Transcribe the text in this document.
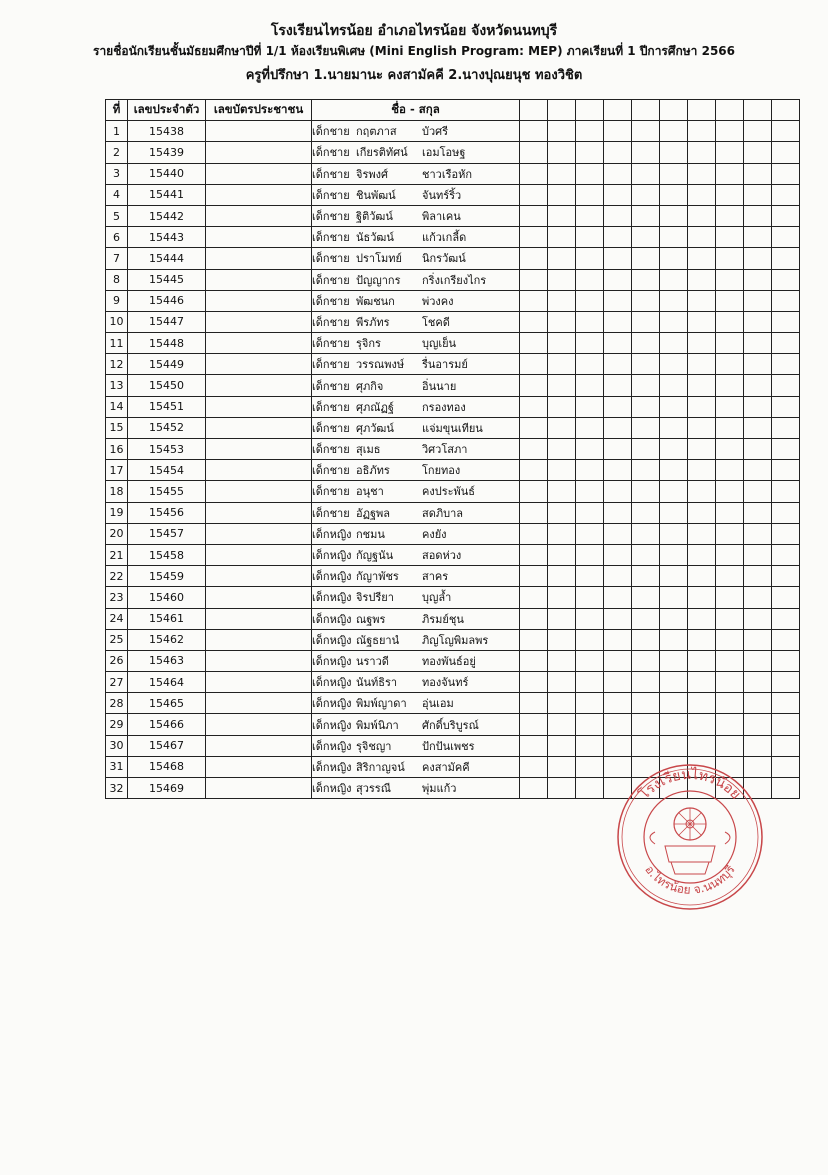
โรงเรียนไทรน้อย อำเภอไทรน้อย จังหวัดนนทบุรี
รายชื่อนักเรียนชั้นมัธยมศึกษาปีที่ 1/1 ห้องเรียนพิเศษ (Mini English Program: MEP) ภาคเรียนที่ 1 ปีการศึกษา 2566
ครูที่ปรึกษา 1.นายมานะ คงสามัคคี 2.นางปุณยนุช ทองวิชิต
ที่	เลขประจำตัว	เลขบัตรประชาชน	ชื่อ - สกุล										
1	15438		เด็กชาย กฤตภาส บัวศรี										
2	15439		เด็กชาย เกียรติทัศน์ เอมโอษฐ										
3	15440		เด็กชาย จิรพงศ์ ชาวเรือหัก										
4	15441		เด็กชาย ชินพัฒน์ จันทร์ริ้ว										
5	15442		เด็กชาย ฐิติวัฒน์ พิลาเคน										
6	15443		เด็กชาย นัธวัฒน์ แก้วเกลี้ด										
7	15444		เด็กชาย ปราโมทย์ นิกรวัฒน์										
8	15445		เด็กชาย ปัญญากร กริ่งเกรียงไกร										
9	15446		เด็กชาย พัฒชนก พ่วงคง										
10	15447		เด็กชาย พีรภัทร โชคดี										
11	15448		เด็กชาย รุจิกร บุญเย็น										
12	15449		เด็กชาย วรรณพงษ์ รื่นอารมย์										
13	15450		เด็กชาย ศุภกิจ อิ่นนาย										
14	15451		เด็กชาย ศุภณัฏฐ์ กรองทอง										
15	15452		เด็กชาย ศุภวัฒน์ แจ่มขุนเทียน										
16	15453		เด็กชาย สุเมธ วิศวโสภา										
17	15454		เด็กชาย อธิภัทร โกยทอง										
18	15455		เด็กชาย อนุชา คงประพันธ์										
19	15456		เด็กชาย อัฏฐพล สดภิบาล										
20	15457		เด็กหญิง กชมน คงยัง										
21	15458		เด็กหญิง กัญฐนัน สอดห่วง										
22	15459		เด็กหญิง กัญาพัชร สาคร										
23	15460		เด็กหญิง จิรปรียา บุญล้ำ										
24	15461		เด็กหญิง ณฐพร ภิรมย์ชุน										
25	15462		เด็กหญิง ณัฐธยานํ ภิญโญพิมลพร										
26	15463		เด็กหญิง นราวดี ทองพันธ์อยู่										
27	15464		เด็กหญิง นันท์ธิรา ทองจันทร์										
28	15465		เด็กหญิง พิมพ์ญาดา อุ่นเอม										
29	15466		เด็กหญิง พิมพ์นิภา ศักดิ์บริบูรณ์										
30	15467		เด็กหญิง รุจิชญา ปักปันเพชร										
31	15468		เด็กหญิง สิริกาญจน์ คงสามัคคี										
32	15469		เด็กหญิง สุวรรณี พุ่มแก้ว											โรงเรียนไทรน้อย
อ.ไทรน้อย จ.นนทบุรี
